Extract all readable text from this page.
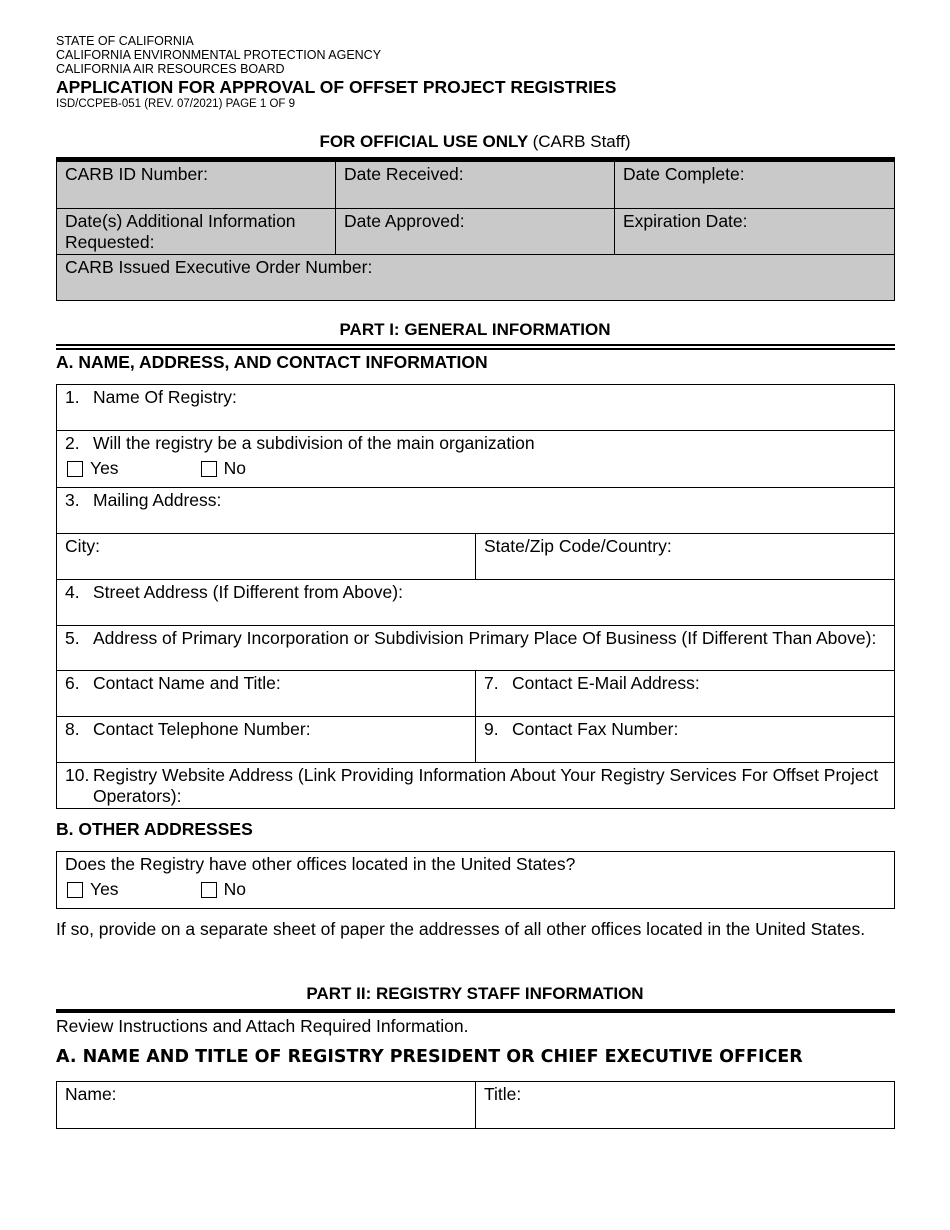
STATE OF CALIFORNIA
CALIFORNIA ENVIRONMENTAL PROTECTION AGENCY
CALIFORNIA AIR RESOURCES BOARD
APPLICATION FOR APPROVAL OF OFFSET PROJECT REGISTRIES
ISD/CCPEB-051 (REV. 07/2021) PAGE 1 OF 9
FOR OFFICIAL USE ONLY (CARB Staff)
CARB ID Number:	Date Received:	Date Complete:
Date(s) Additional Information Requested:	Date Approved:	Expiration Date:
CARB Issued Executive Order Number:		
PART I: GENERAL INFORMATION
A. NAME, ADDRESS, AND CONTACT INFORMATION
1. Name Of Registry:	

2. Will the registry be a subdivision of the main organization
Yes No	

3. Mailing Address:	
City:	State/Zip Code/Country:
4. Street Address (If Different from Above):	

5. Address of Primary Incorporation or Subdivision Primary Place Of Business (If Different Than Above):	

6. Contact Name and Title:	7. Contact E-Mail Address:
8. Contact Telephone Number:	9. Contact Fax Number:

10. Registry Website Address (Link Providing Information About Your Registry Services For Offset Project Operators):	
B. OTHER ADDRESSES
Does the Registry have other offices located in the United States?
Yes	No
If so, provide on a separate sheet of paper the addresses of all other offices located in the United States.
PART II: REGISTRY STAFF INFORMATION
Review Instructions and Attach Required Information.
A. NAME AND TITLE OF REGISTRY PRESIDENT OR CHIEF EXECUTIVE OFFICER
Name:	Title:
